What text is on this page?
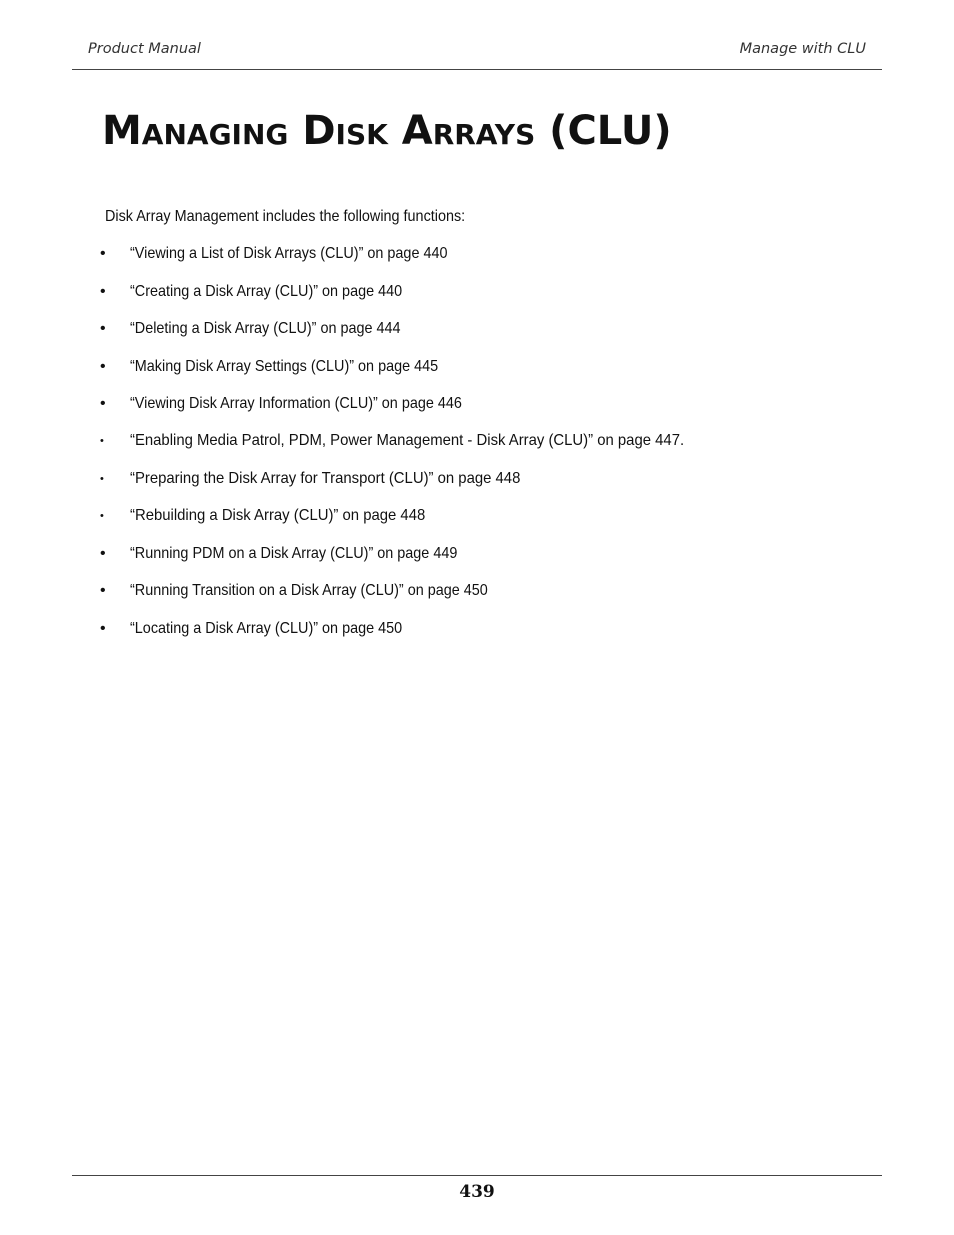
Product Manual	Manage with CLU
Managing Disk Arrays (CLU)
Disk Array Management includes the following functions:
•	“Viewing a List of Disk Arrays (CLU)” on page 440
•	“Creating a Disk Array (CLU)” on page 440
•	“Deleting a Disk Array (CLU)” on page 444
•	“Making Disk Array Settings (CLU)” on page 445
•	“Viewing Disk Array Information (CLU)” on page 446
•	“Enabling Media Patrol, PDM, Power Management - Disk Array (CLU)” on page 447.
•	“Preparing the Disk Array for Transport (CLU)” on page 448
•	“Rebuilding a Disk Array (CLU)” on page 448
•	“Running PDM on a Disk Array (CLU)” on page 449
•	“Running Transition on a Disk Array (CLU)” on page 450
•	“Locating a Disk Array (CLU)” on page 450
439
